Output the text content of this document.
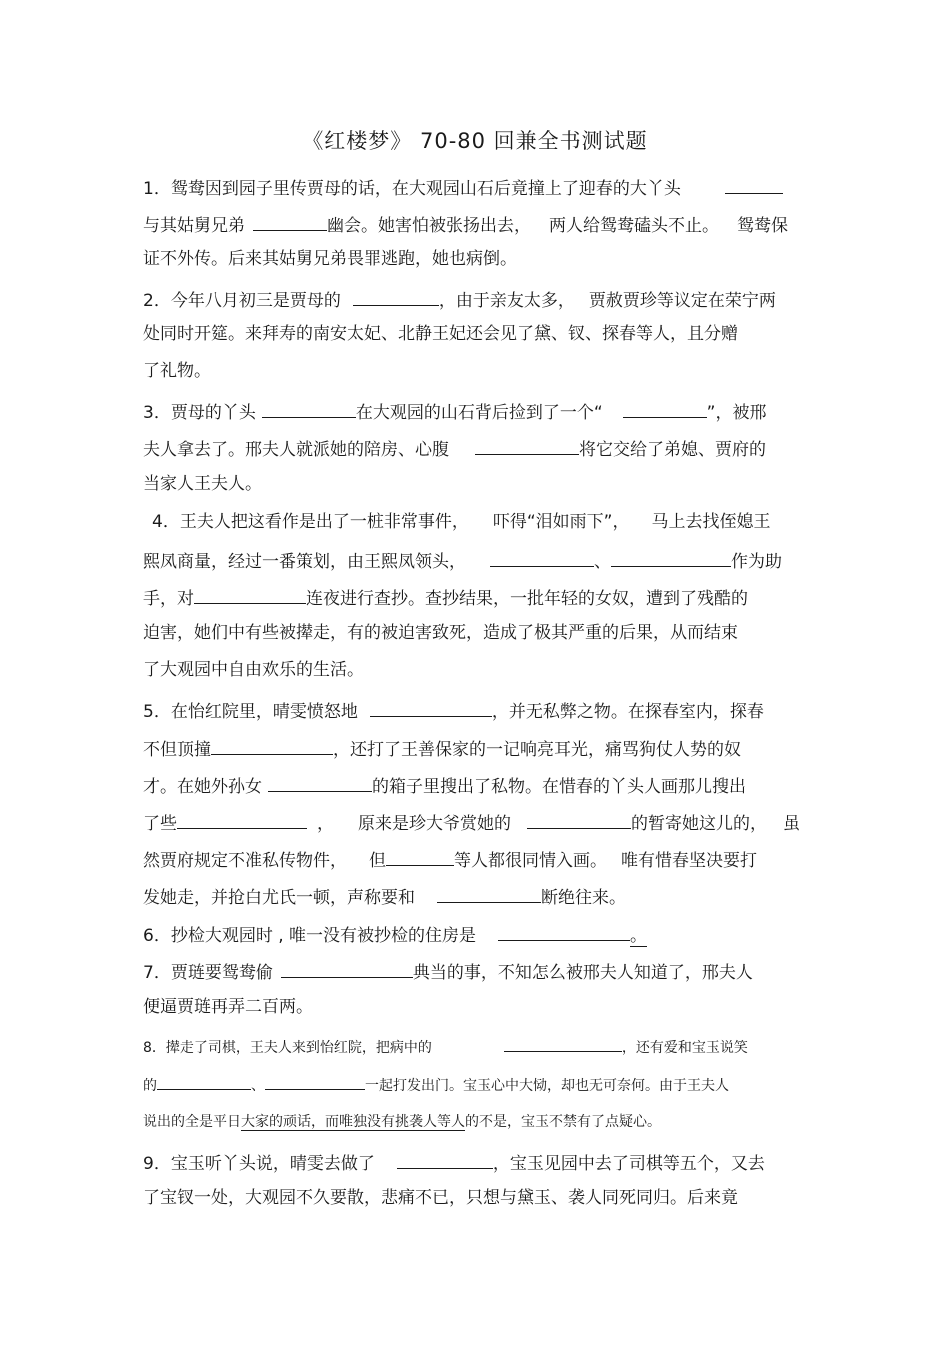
《红楼梦》 70-80 回兼全书测试题
1．鸳鸯因到园子里传贾母的话，在大观园山石后竟撞上了迎春的大丫头
与其姑舅兄弟	幽会。她害怕被张扬出去， 两人给鸳鸯磕头不止。 鸳鸯保
证不外传。后来其姑舅兄弟畏罪逃跑，她也病倒。
2．今年八月初三是贾母的	，由于亲友太多， 贾赦贾珍等议定在荣宁两
处同时开筵。来拜寿的南安太妃、北静王妃还会见了黛、钗、探春等人，且分赠
了礼物。
3．贾母的丫头	在大观园的山石背后捡到了一个“	”，被邢
夫人拿去了。邢夫人就派她的陪房、心腹	将它交给了弟媳、贾府的
当家人王夫人。
4．王夫人把这看作是出了一桩非常事件， 吓得“泪如雨下”， 马上去找侄媳王
熙凤商量，经过一番策划，由王熙凤领头，	、	作为助
手，对	连夜进行查抄。查抄结果，一批年轻的女奴，遭到了残酷的
迫害，她们中有些被撵走，有的被迫害致死，造成了极其严重的后果，从而结束
了大观园中自由欢乐的生活。
5．在怡红院里，晴雯愤怒地	，并无私弊之物。在探春室内，探春
不但顶撞	，还打了王善保家的一记响亮耳光，痛骂狗仗人势的奴
才。在她外孙女	的箱子里搜出了私物。在惜春的丫头人画那儿搜出
了些	， 原来是珍大爷赏她的	的暂寄她这儿的， 虽
然贾府规定不准私传物件， 但	等人都很同情入画。 唯有惜春坚决要打
发她走，并抢白尤氏一顿，声称要和	断绝往来。
6．抄检大观园时 , 唯一没有被抄检的住房是	。
7．贾琏要鸳鸯偷	典当的事，不知怎么被邢夫人知道了，邢夫人
便逼贾琏再弄二百两。
8．撵走了司棋，王夫人来到怡红院，把病中的	，还有爱和宝玉说笑
的	、	一起打发出门。宝玉心中大恸，却也无可奈何。由于王夫人
说出的全是平日大家的顽话，而唯独没有挑袭人等人的不是，宝玉不禁有了点疑心。
9．宝玉听丫头说，晴雯去做了	，宝玉见园中去了司棋等五个，又去
了宝钗一处，大观园不久要散，悲痛不已，只想与黛玉、袭人同死同归。后来竟
